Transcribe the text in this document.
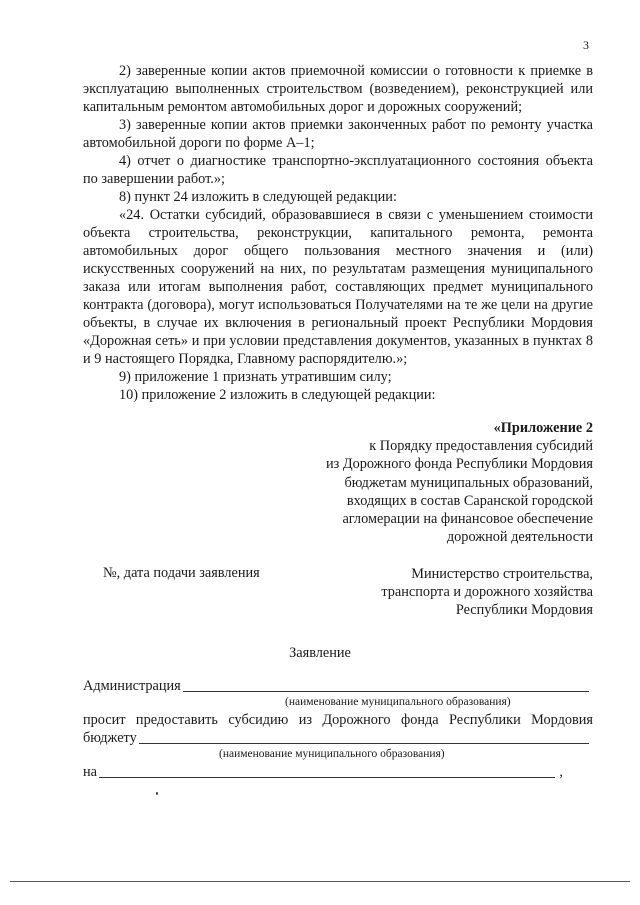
3

2) заверенные копии актов приемочной комиссии о готовности к приемке в эксплуатацию выполненных строительством (возведением), реконструкцией или капитальным ремонтом автомобильных дорог и дорожных сооружений;

3) заверенные копии актов приемки законченных работ по ремонту участка автомобильной дороги по форме А–1;

4) отчет о диагностике транспортно-эксплуатационного состояния объекта по завершении работ.»;

8) пункт 24 изложить в следующей редакции:

«24. Остатки субсидий, образовавшиеся в связи с уменьшением стоимости объекта строительства, реконструкции, капитального ремонта, ремонта автомобильных дорог общего пользования местного значения и (или) искусственных сооружений на них, по результатам размещения муниципального заказа или итогам выполнения работ, составляющих предмет муниципального контракта (договора), могут использоваться Получателями на те же цели на другие объекты, в случае их включения в региональный проект Республики Мордовия «Дорожная сеть» и при условии представления документов, указанных в пунктах 8 и 9 настоящего Порядка, Главному распорядителю.»;

9) приложение 1 признать утратившим силу;

10) приложение 2 изложить в следующей редакции:

«Приложение 2
к Порядку предоставления субсидий
из Дорожного фонда Республики Мордовия
бюджетам муниципальных образований,
входящих в состав Саранской городской
агломерации на финансовое обеспечение
дорожной деятельности
№, дата подачи заявления	Министерство строительства,
транспорта и дорожного хозяйства
Республики Мордовия
Заявление
Администрация
(наименование муниципального образования)
просит предоставить субсидию из Дорожного фонда Республики Мордовия
бюджету
(наименование муниципального образования)
на	,
